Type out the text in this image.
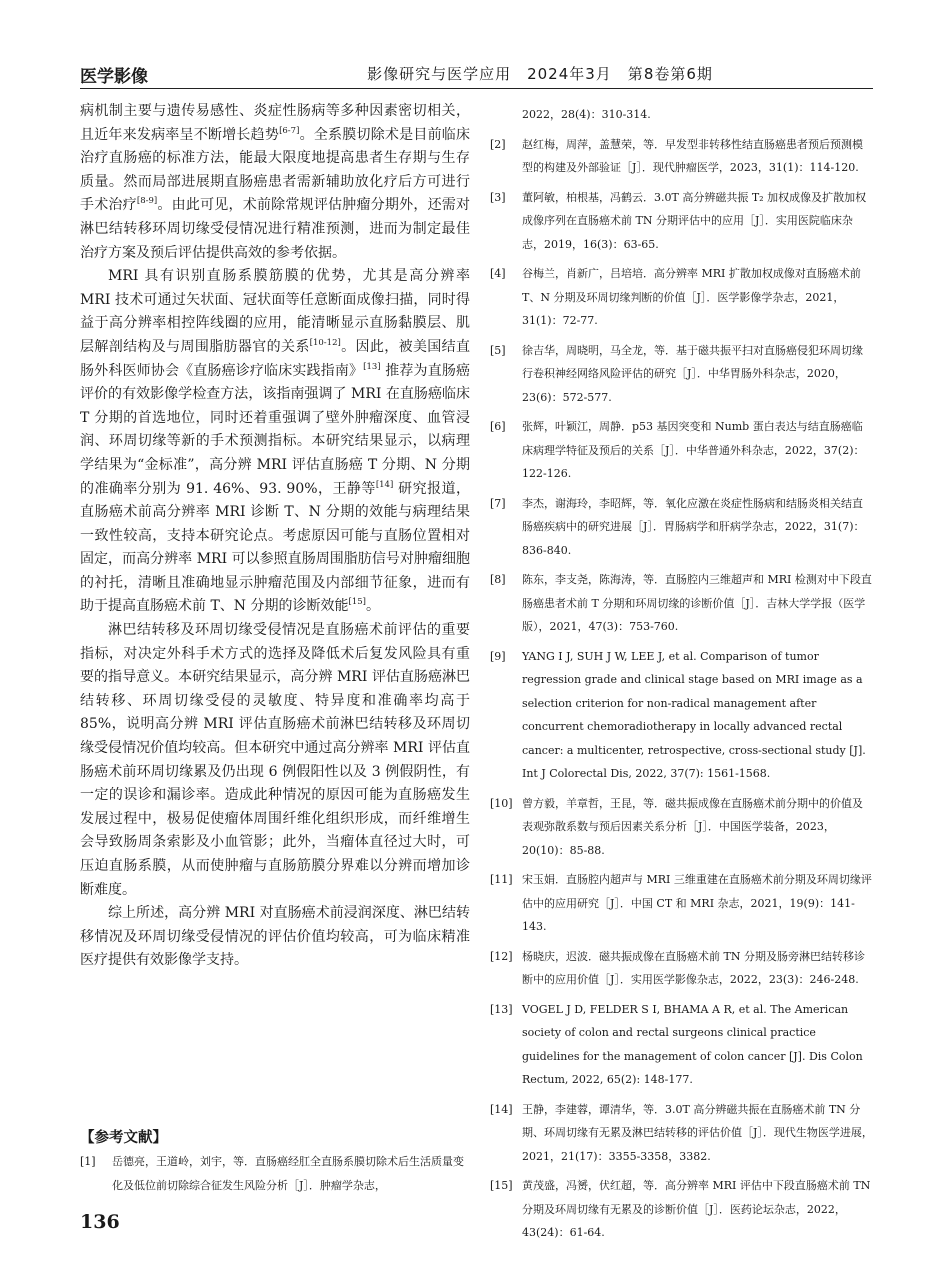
医学影像	影像研究与医学应用　2024年3月　第8卷第6期

病机制主要与遗传易感性、炎症性肠病等多种因素密切相关，且近年来发病率呈不断增长趋势[6-7]。全系膜切除术是目前临床治疗直肠癌的标准方法，能最大限度地提高患者生存期与生存质量。然而局部进展期直肠癌患者需新辅助放化疗后方可进行手术治疗[8-9]。由此可见，术前除常规评估肿瘤分期外，还需对淋巴结转移环周切缘受侵情况进行精准预测，进而为制定最佳治疗方案及预后评估提供高效的参考依据。

MRI 具有识别直肠系膜筋膜的优势，尤其是高分辨率 MRI 技术可通过矢状面、冠状面等任意断面成像扫描，同时得益于高分辨率相控阵线圈的应用，能清晰显示直肠黏膜层、肌层解剖结构及与周围脂肪器官的关系[10-12]。因此，被美国结直肠外科医师协会《直肠癌诊疗临床实践指南》[13] 推荐为直肠癌评价的有效影像学检查方法，该指南强调了 MRI 在直肠癌临床 T 分期的首选地位，同时还着重强调了壁外肿瘤深度、血管浸润、环周切缘等新的手术预测指标。本研究结果显示，以病理学结果为“金标准”，高分辨 MRI 评估直肠癌 T 分期、N 分期的准确率分别为 91. 46%、93. 90%，王静等[14] 研究报道，直肠癌术前高分辨率 MRI 诊断 T、N 分期的效能与病理结果一致性较高，支持本研究论点。考虑原因可能与直肠位置相对固定，而高分辨率 MRI 可以参照直肠周围脂肪信号对肿瘤细胞的衬托，清晰且准确地显示肿瘤范围及内部细节征象，进而有助于提高直肠癌术前 T、N 分期的诊断效能[15]。

淋巴结转移及环周切缘受侵情况是直肠癌术前评估的重要指标，对决定外科手术方式的选择及降低术后复发风险具有重要的指导意义。本研究结果显示，高分辨 MRI 评估直肠癌淋巴结转移、环周切缘受侵的灵敏度、特异度和准确率均高于 85%，说明高分辨 MRI 评估直肠癌术前淋巴结转移及环周切缘受侵情况价值均较高。但本研究中通过高分辨率 MRI 评估直肠癌术前环周切缘累及仍出现 6 例假阳性以及 3 例假阴性，有一定的误诊和漏诊率。造成此种情况的原因可能为直肠癌发生发展过程中，极易促使瘤体周围纤维化组织形成，而纤维增生会导致肠周条索影及小血管影；此外，当瘤体直径过大时，可压迫直肠系膜，从而使肿瘤与直肠筋膜分界难以分辨而增加诊断难度。

综上所述，高分辨 MRI 对直肠癌术前浸润深度、淋巴结转移情况及环周切缘受侵情况的评估价值均较高，可为临床精准医疗提供有效影像学支持。

【参考文献】
[1] 岳德亮，王道岭，刘宇，等．直肠癌经肛全直肠系膜切除术后生活质量变化及低位前切除综合征发生风险分析［J］．肿瘤学杂志，
2022，28(4)：310-314.
[2] 赵红梅，周萍，盖慧荣，等．早发型非转移性结直肠癌患者预后预测模型的构建及外部验证［J］．现代肿瘤医学，2023，31(1)：114-120.
[3] 董阿敏，柏根基，冯鹤云．3.0T 高分辨磁共振 T₂ 加权成像及扩散加权成像序列在直肠癌术前 TN 分期评估中的应用［J］．实用医院临床杂志，2019，16(3)：63-65.
[4] 谷梅兰，肖新广，吕培培．高分辨率 MRI 扩散加权成像对直肠癌术前 T、N 分期及环周切缘判断的价值［J］．医学影像学杂志，2021，31(1)：72-77.
[5] 徐吉华，周晓明，马全龙，等．基于磁共振平扫对直肠癌侵犯环周切缘行卷积神经网络风险评估的研究［J］．中华胃肠外科杂志，2020，23(6)：572-577.
[6] 张辉，叶颖江，周静．p53 基因突变和 Numb 蛋白表达与结直肠癌临床病理学特征及预后的关系［J］．中华普通外科杂志，2022，37(2)：122-126.
[7] 李杰，谢海玲，李昭辉，等．氧化应激在炎症性肠病和结肠炎相关结直肠癌疾病中的研究进展［J］．胃肠病学和肝病学杂志，2022，31(7)：836-840.
[8] 陈东，李支尧，陈海涛，等．直肠腔内三维超声和 MRI 检测对中下段直肠癌患者术前 T 分期和环周切缘的诊断价值［J］．吉林大学学报（医学版），2021，47(3)：753-760.
[9] YANG I J, SUH J W, LEE J, et al. Comparison of tumor regression grade and clinical stage based on MRI image as a selection criterion for non-radical management after concurrent chemoradiotherapy in locally advanced rectal cancer: a multicenter, retrospective, cross-sectional study [J]. Int J Colorectal Dis, 2022, 37(7): 1561-1568.
[10] 曾方毅，羊章哲，王昆，等．磁共振成像在直肠癌术前分期中的价值及表观弥散系数与预后因素关系分析［J］．中国医学装备，2023，20(10)：85-88.
[11] 宋玉娟．直肠腔内超声与 MRI 三维重建在直肠癌术前分期及环周切缘评估中的应用研究［J］．中国 CT 和 MRI 杂志，2021，19(9)：141-143.
[12] 杨晓庆，迟波．磁共振成像在直肠癌术前 TN 分期及肠旁淋巴结转移诊断中的应用价值［J］．实用医学影像杂志，2022，23(3)：246-248.
[13] VOGEL J D, FELDER S I, BHAMA A R, et al. The American society of colon and rectal surgeons clinical practice guidelines for the management of colon cancer [J]. Dis Colon Rectum, 2022, 65(2): 148-177.
[14] 王静，李建蓉，谭清华，等．3.0T 高分辨磁共振在直肠癌术前 TN 分期、环周切缘有无累及淋巴结转移的评估价值［J］．现代生物医学进展，2021，21(17)：3355-3358，3382.
[15] 黄茂盛，冯赟，伏红超，等．高分辨率 MRI 评估中下段直肠癌术前 TN 分期及环周切缘有无累及的诊断价值［J］．医药论坛杂志，2022，43(24)：61-64.
136
